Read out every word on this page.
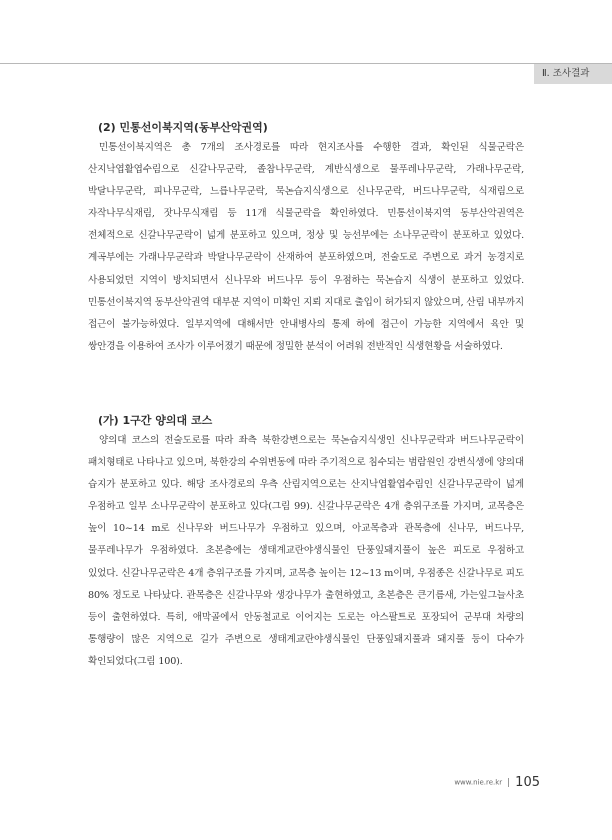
Ⅱ. 조사결과
(2) 민통선이북지역(동부산악권역)

민통선이북지역은 총 7개의 조사경로를 따라 현지조사를 수행한 결과, 확인된 식물군락은 산지낙엽활엽수림으로 신갈나무군락, 졸참나무군락, 계반식생으로 물푸레나무군락, 가래나무군락, 박달나무군락, 피나무군락, 느릅나무군락, 묵논습지식생으로 신나무군락, 버드나무군락, 식재림으로 자작나무식재림, 잣나무식재림 등 11개 식물군락을 확인하였다. 민통선이북지역 동부산악권역은 전체적으로 신갈나무군락이 넓게 분포하고 있으며, 정상 및 능선부에는 소나무군락이 분포하고 있었다. 계곡부에는 가래나무군락과 박달나무군락이 산재하여 분포하였으며, 전술도로 주변으로 과거 농경지로 사용되었던 지역이 방치되면서 신나무와 버드나무 등이 우점하는 묵논습지 식생이 분포하고 있었다. 민통선이북지역 동부산악권역 대부분 지역이 미확인 지뢰 지대로 출입이 허가되지 않았으며, 산림 내부까지 접근이 불가능하였다. 일부지역에 대해서만 안내병사의 통제 하에 접근이 가능한 지역에서 육안 및 쌍안경을 이용하여 조사가 이루어졌기 때문에 정밀한 분석이 어려워 전반적인 식생현황을 서술하였다.

(가) 1구간 양의대 코스

양의대 코스의 전술도로를 따라 좌측 북한강변으로는 묵논습지식생인 신나무군락과 버드나무군락이 패치형태로 나타나고 있으며, 북한강의 수위변동에 따라 주기적으로 침수되는 범람원인 강변식생에 양의대 습지가 분포하고 있다. 해당 조사경로의 우측 산림지역으로는 산지낙엽활엽수림인 신갈나무군락이 넓게 우점하고 일부 소나무군락이 분포하고 있다(그림 99). 신갈나무군락은 4개 층위구조를 가지며, 교목층은 높이 10~14 m로 신나무와 버드나무가 우점하고 있으며, 아교목층과 관목층에 신나무, 버드나무, 물푸레나무가 우점하였다. 초본층에는 생태계교란야생식물인 단풍잎돼지풀이 높은 피도로 우점하고 있었다. 신갈나무군락은 4개 층위구조를 가지며, 교목층 높이는 12~13 m이며, 우점종은 신갈나무로 피도 80% 정도로 나타났다. 관목층은 신갈나무와 생강나무가 출현하였고, 초본층은 큰기름새, 가는잎그늘사초 등이 출현하였다. 특히, 애막골에서 안동철교로 이어지는 도로는 아스팔트로 포장되어 군부대 차량의 통행량이 많은 지역으로 길가 주변으로 생태계교란야생식물인 단풍잎돼지풀과 돼지풀 등이 다수가 확인되었다(그림 100).

www.nie.re.kr 105
